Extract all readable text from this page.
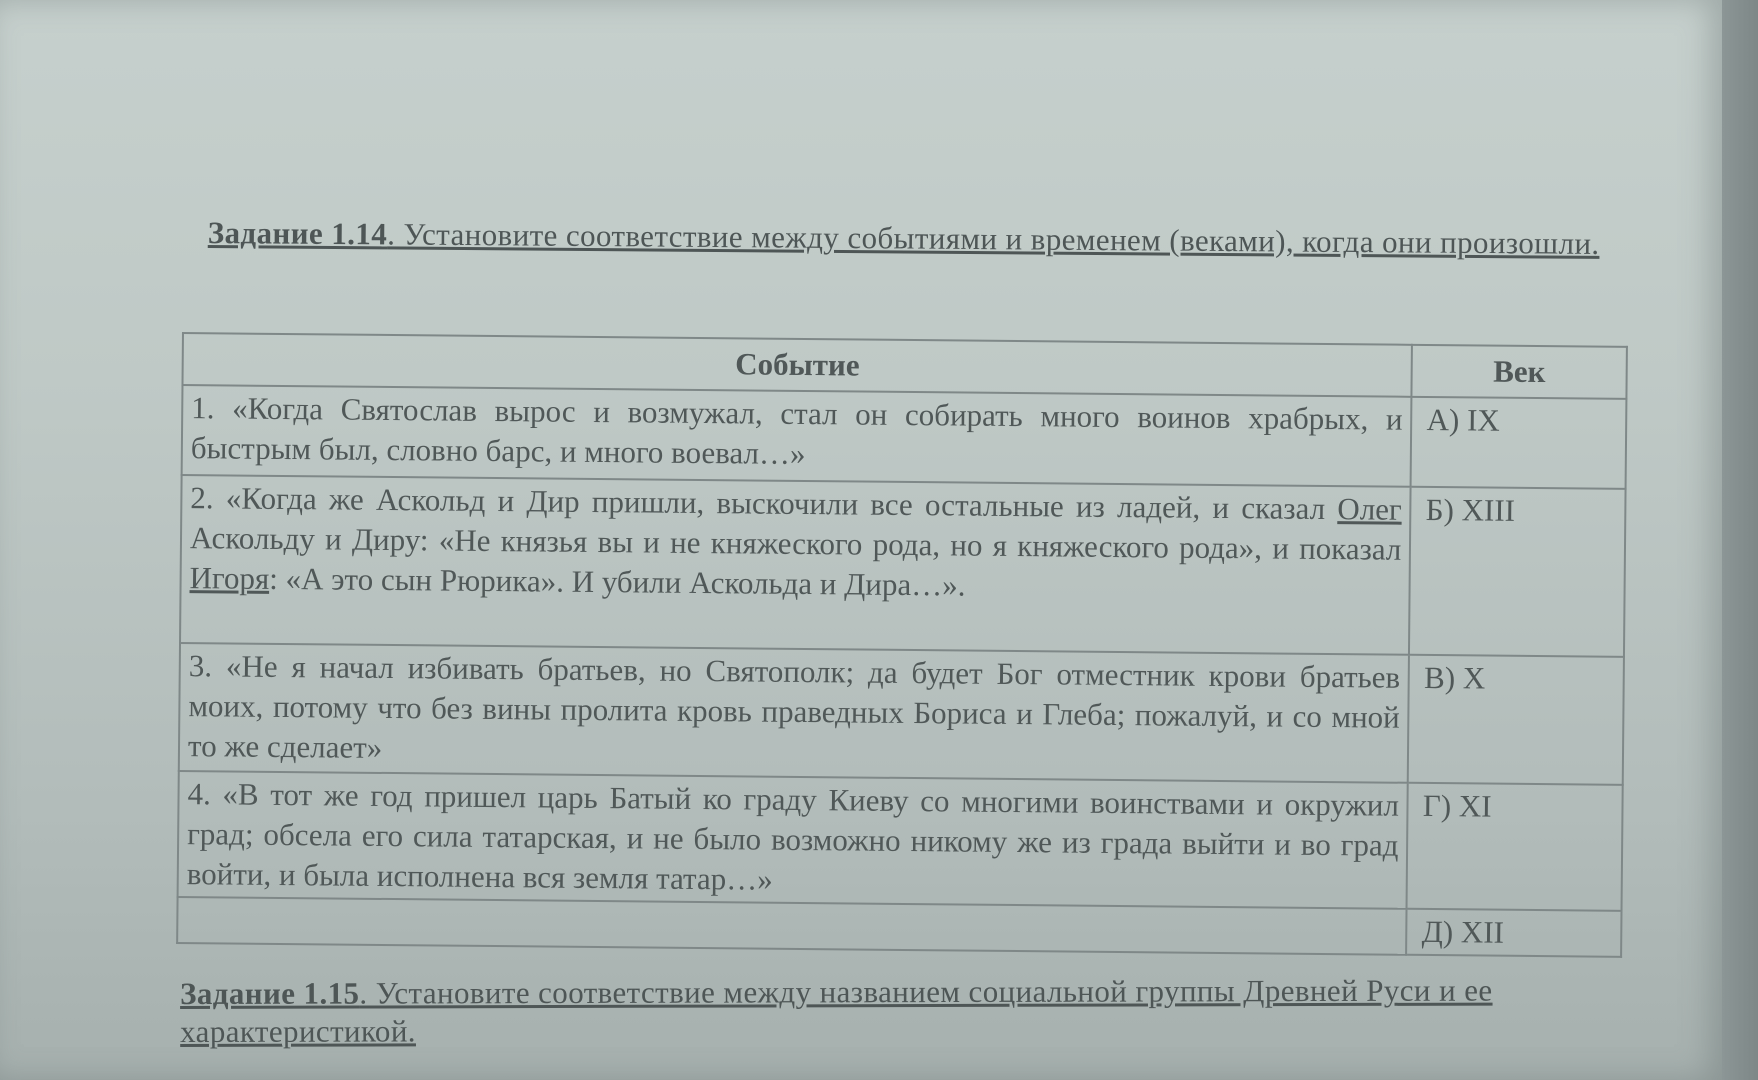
Задание 1.14. Установите соответствие между событиями и временем (веками), когда они произошли.
Событие	Век
1. «Когда Святослав вырос и возмужал, стал он собирать много воинов храбрых, и быстрым был, словно барс, и много воевал…»	А) IX
2. «Когда же Аскольд и Дир пришли, выскочили все остальные из ладей, и сказал Олег Аскольду и Диру: «Не князья вы и не княжеского рода, но я княжеского рода», и показал Игоря: «А это сын Рюрика». И убили Аскольда и Дира…».	Б) XIII
3. «Не я начал избивать братьев, но Святополк; да будет Бог отместник крови братьев моих, потому что без вины пролита кровь праведных Бориса и Глеба; пожалуй, и со мной то же сделает»	В) X
4. «В тот же год пришел царь Батый ко граду Киеву со многими воинствами и окружил град; обсела его сила татарская, и не было возможно никому же из града выйти и во град войти, и была исполнена вся земля татар…»	Г) XI
	Д) XII
Задание 1.15. Установите соответствие между названием социальной группы Древней Руси и ее характеристикой.
